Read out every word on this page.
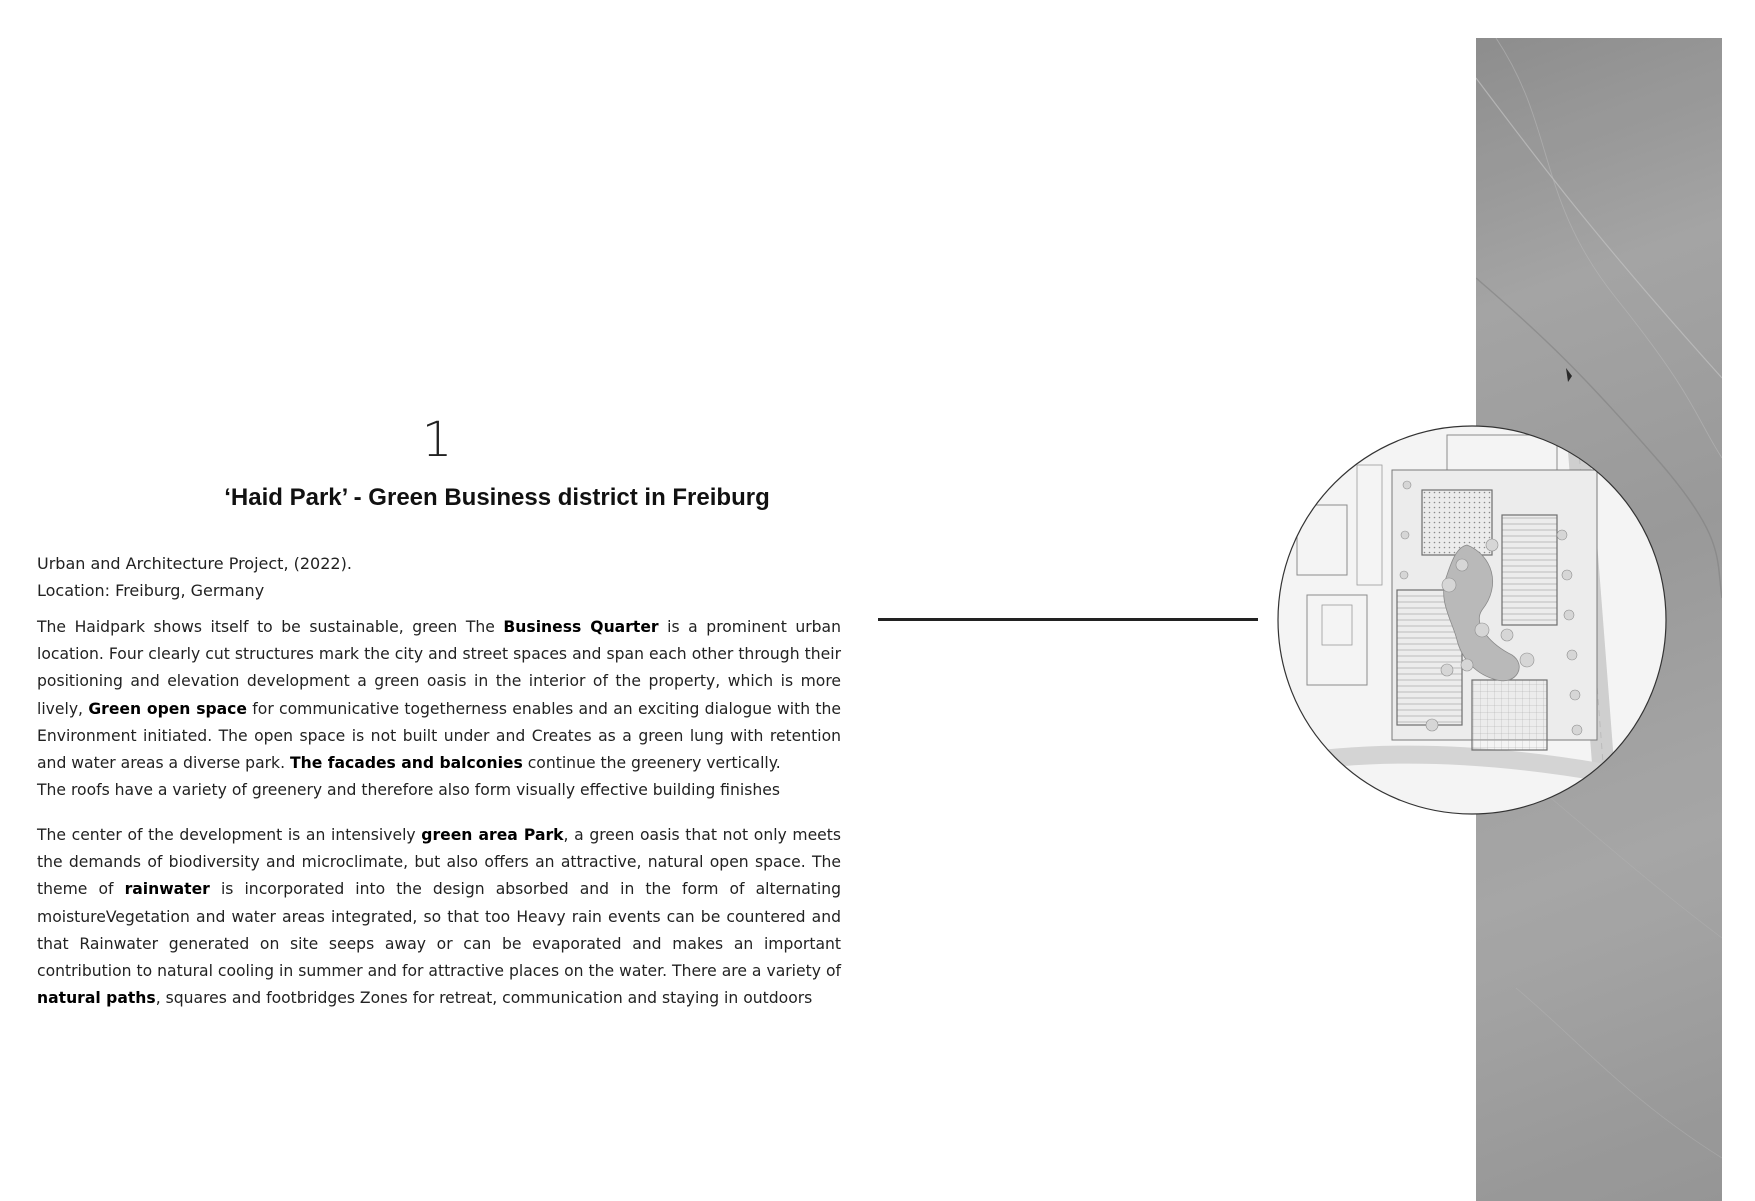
1
‘Haid Park’ - Green Business district in Freiburg
Urban and Architecture Project, (2022).
Location: Freiburg, Germany
The Haidpark shows itself to be sustainable, green The Business Quarter is a prominent urban location. Four clearly cut structures mark the city and street spaces and span each other through their positioning and elevation development a green oasis in the interior of the property, which is more lively, Green open space for communicative togetherness enables and an exciting dialogue with the Environment initiated. The open space is not built under and Creates as a green lung with retention and water areas a diverse park. The facades and balconies continue the greenery vertically.
The roofs have a variety of greenery and therefore also form visually effective building finishes
The center of the development is an intensively green area Park, a green oasis that not only meets the demands of biodiversity and microclimate, but also offers an attractive, natural open space. The theme of rainwater is incorporated into the design absorbed and in the form of alternating moistureVegetation and water areas integrated, so that too Heavy rain events can be countered and that Rainwater generated on site seeps away or can be evaporated and makes an important contribution to natural cooling in summer and for attractive places on the water. There are a variety of natural paths, squares and footbridges Zones for retreat, communication and staying in outdoors
